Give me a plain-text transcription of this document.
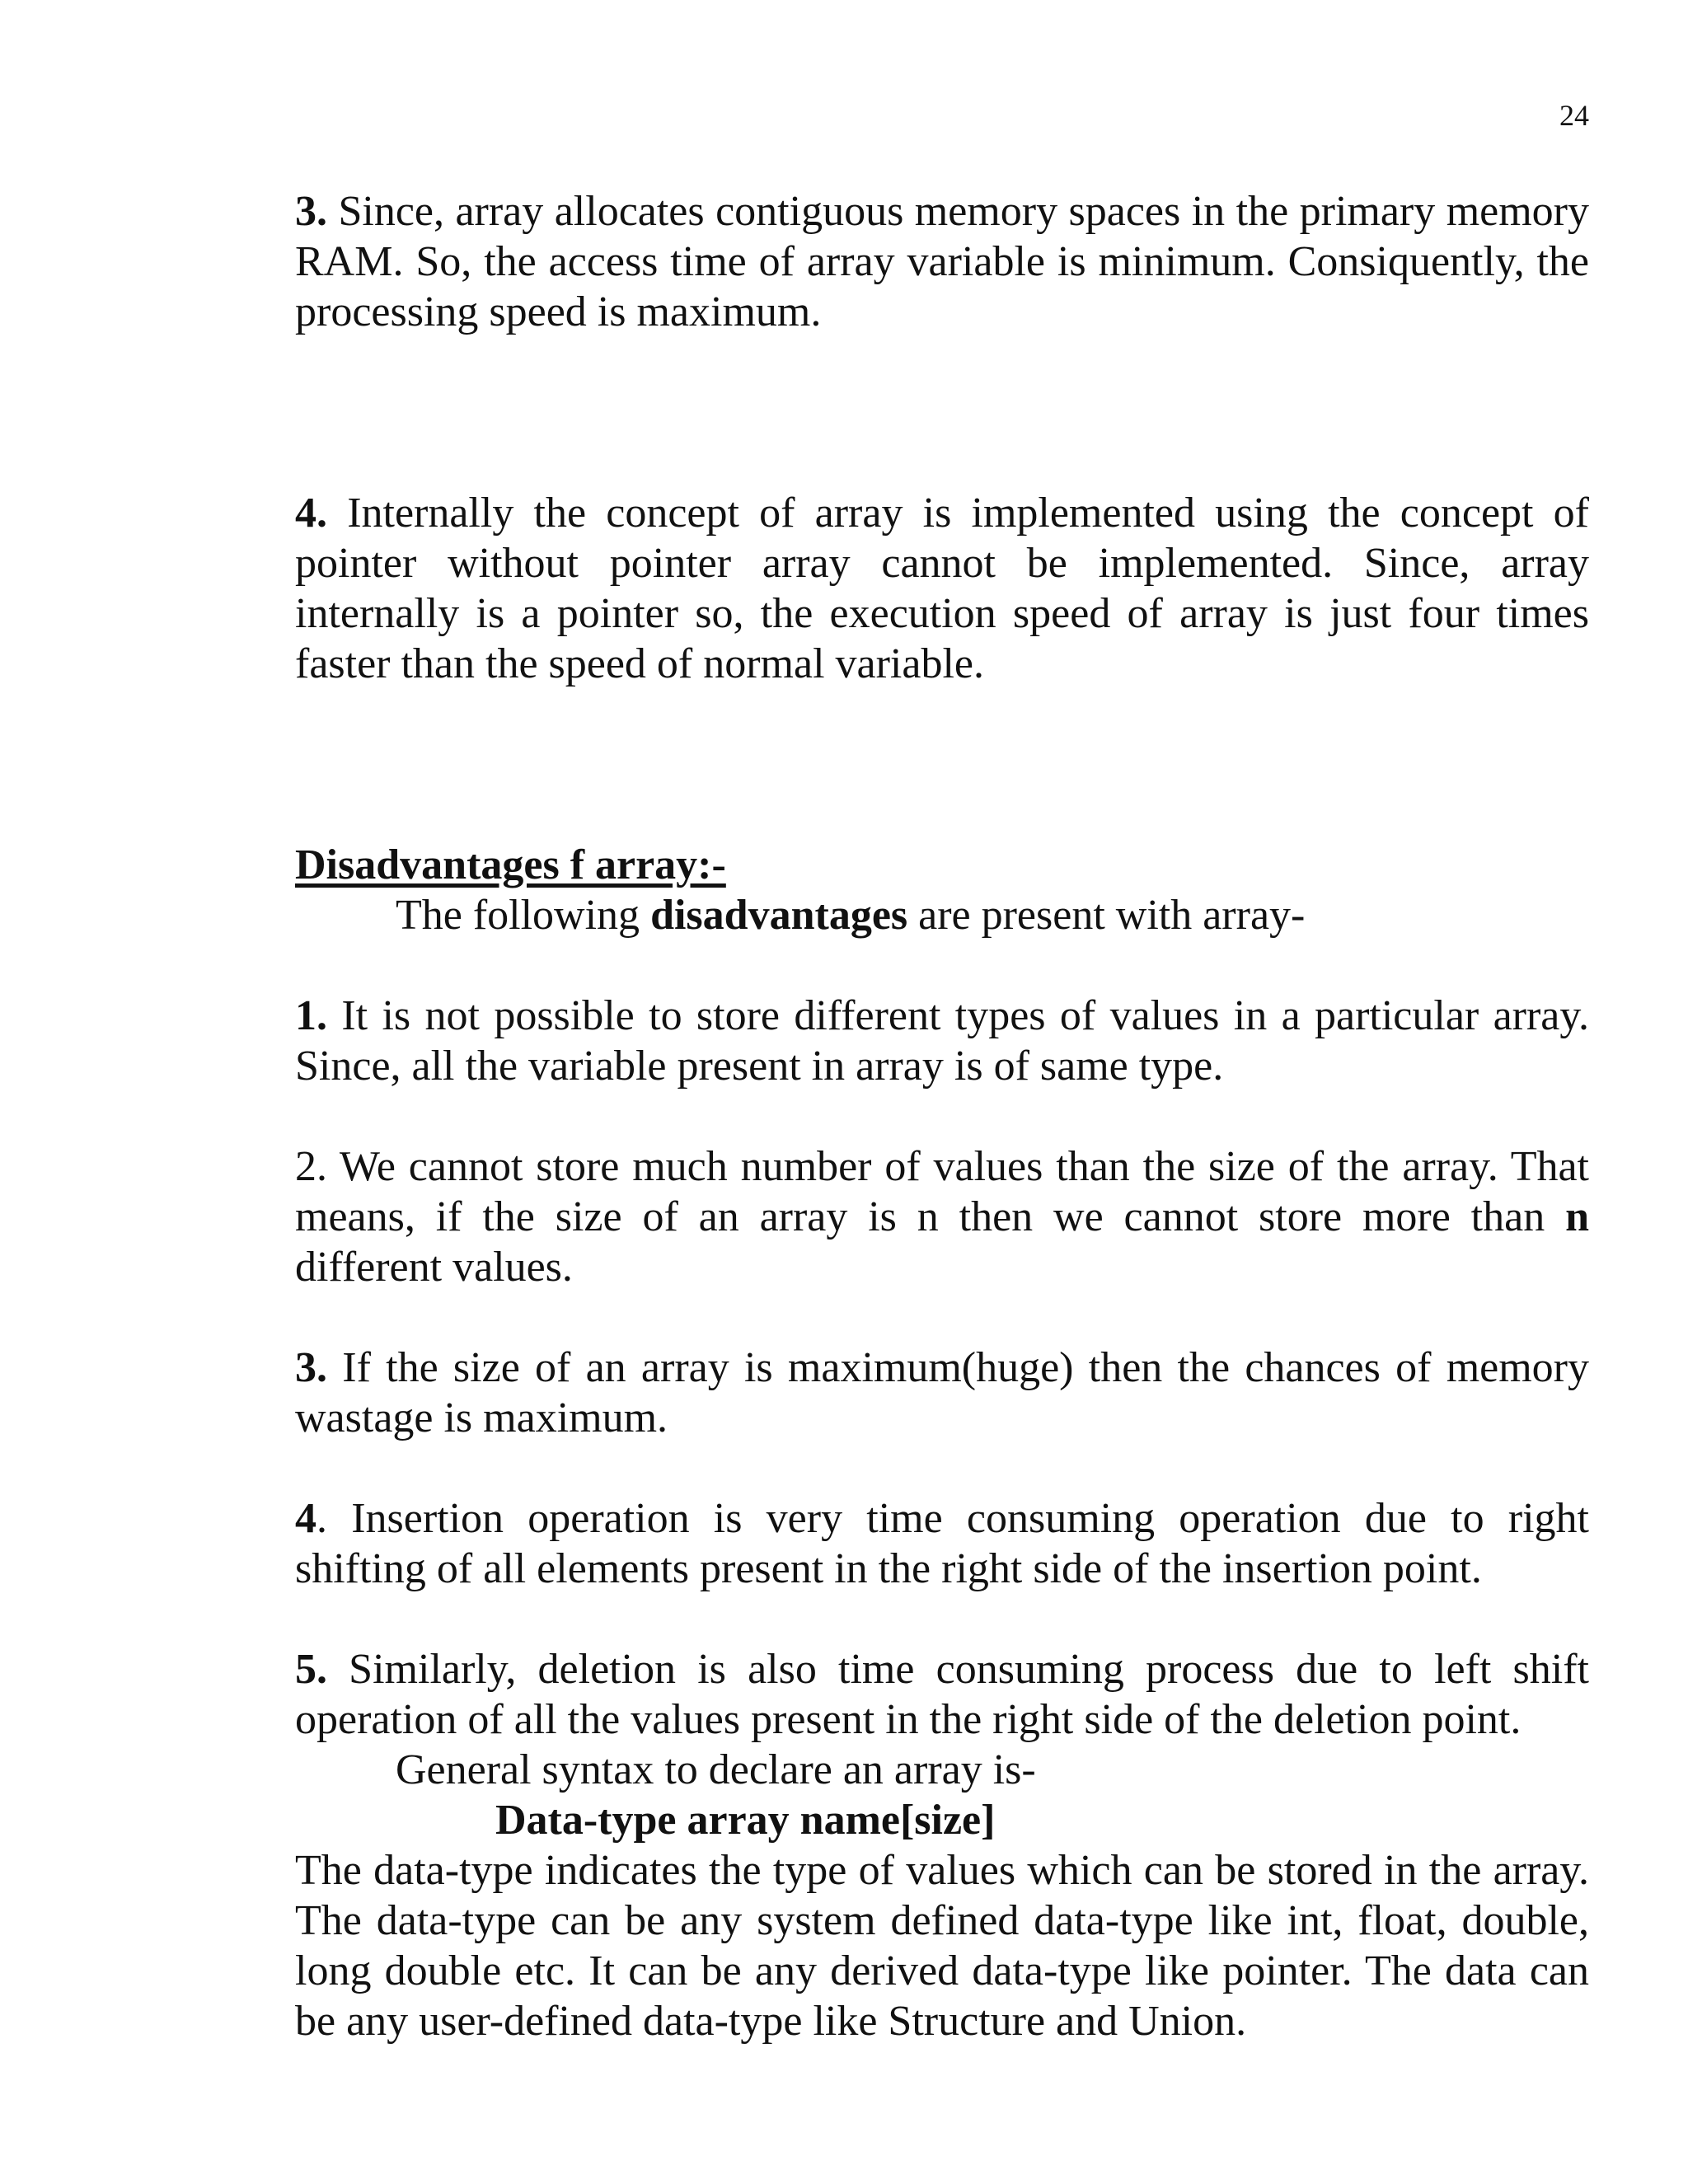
24

3. Since, array allocates contiguous memory spaces in the primary memory RAM. So, the access time of array variable is minimum. Consiquently, the processing speed is maximum.

4. Internally the concept of array is implemented using the concept of pointer without pointer array cannot be implemented. Since, array internally is a pointer so, the execution speed of array is just four times faster than the speed of normal variable.

Disadvantages f array:-

The following disadvantages are present with array-

1. It is not possible to store different types of values in a particular array. Since, all the variable present in array is of same type.

2. We cannot store much number of values than the size of the array. That means, if the size of an array is n then we cannot store more than n different values.

3. If the size of an array is maximum(huge) then the chances of memory wastage is maximum.

4. Insertion operation is very time consuming operation due to right shifting of all elements present in the right side of the insertion point.

5. Similarly, deletion is also time consuming process due to left shift operation of all the values present in the right side of the deletion point.

General syntax to declare an array is-

Data-type array name[size]

The data-type indicates the type of values which can be stored in the array. The data-type can be any system defined data-type like int, float, double, long double etc. It can be any derived data-type like pointer. The data can be any user-defined data-type like Structure and Union.
